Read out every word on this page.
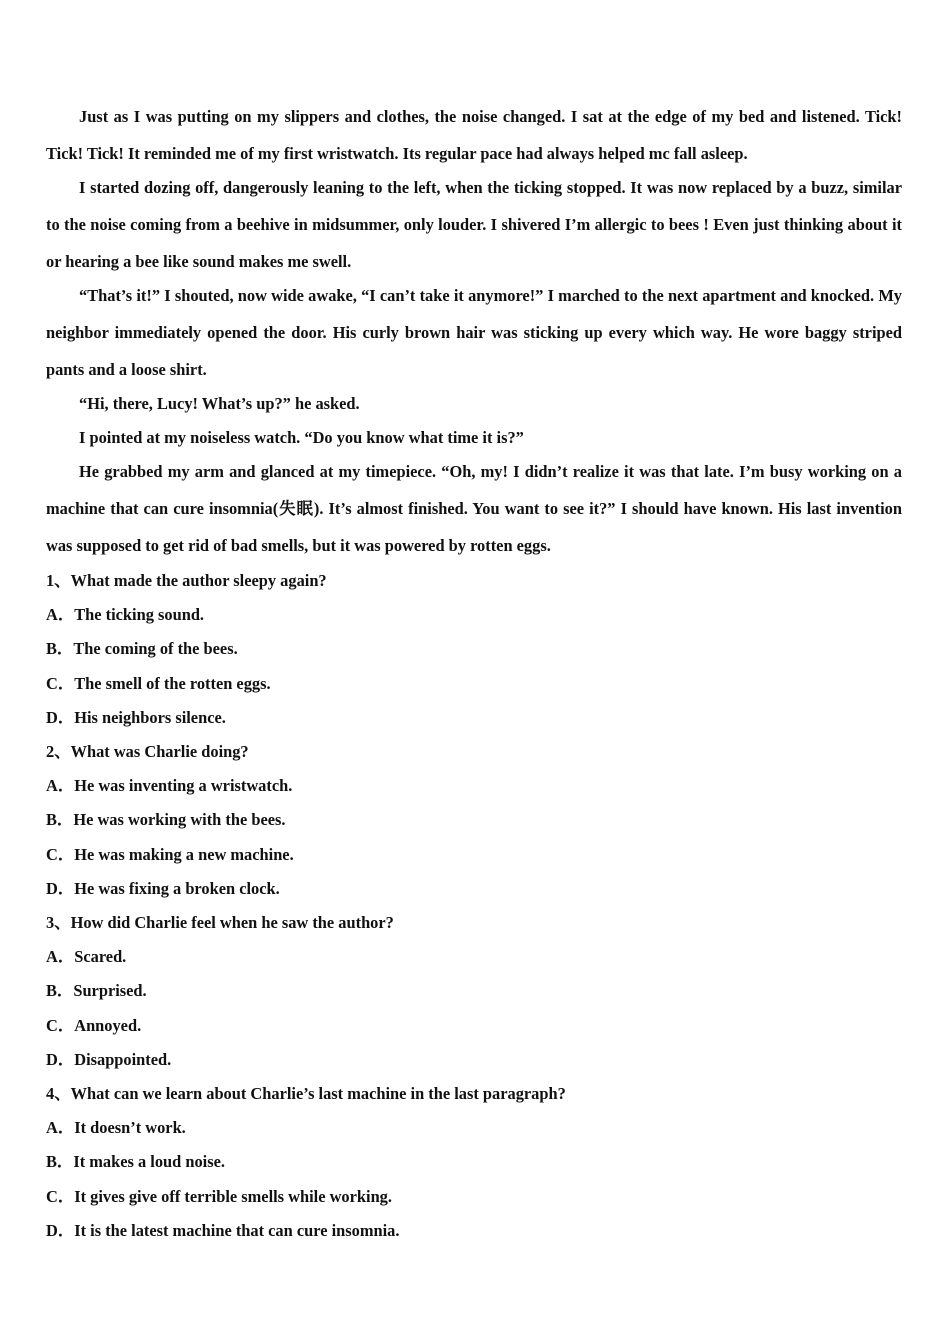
Just as I was putting on my slippers and clothes, the noise changed. I sat at the edge of my bed and listened. Tick! Tick! Tick! It reminded me of my first wristwatch. Its regular pace had always helped mc fall asleep.

I started dozing off, dangerously leaning to the left, when the ticking stopped. It was now replaced by a buzz, similar to the noise coming from a beehive in midsummer, only louder. I shivered I’m allergic to bees ! Even just thinking about it or hearing a bee like sound makes me swell.

“That’s it!” I shouted, now wide awake, “I can’t take it anymore!” I marched to the next apartment and knocked. My neighbor immediately opened the door. His curly brown hair was sticking up every which way. He wore baggy striped pants and a loose shirt.

“Hi, there, Lucy! What’s up?” he asked.

I pointed at my noiseless watch. “Do you know what time it is?”

He grabbed my arm and glanced at my timepiece. “Oh, my! I didn’t realize it was that late. I’m busy working on a machine that can cure insomnia(失眠). It’s almost finished. You want to see it?” I should have known. His last invention was supposed to get rid of bad smells, but it was powered by rotten eggs.

1、What made the author sleepy again?

A．The ticking sound.

B．The coming of the bees.

C．The smell of the rotten eggs.

D．His neighbors silence.

2、What was Charlie doing?

A．He was inventing a wristwatch.

B．He was working with the bees.

C．He was making a new machine.

D．He was fixing a broken clock.

3、How did Charlie feel when he saw the author?

A．Scared.

B．Surprised.

C．Annoyed.

D．Disappointed.

4、What can we learn about Charlie’s last machine in the last paragraph?

A．It doesn’t work.

B．It makes a loud noise.

C．It gives give off terrible smells while working.

D．It is the latest machine that can cure insomnia.
